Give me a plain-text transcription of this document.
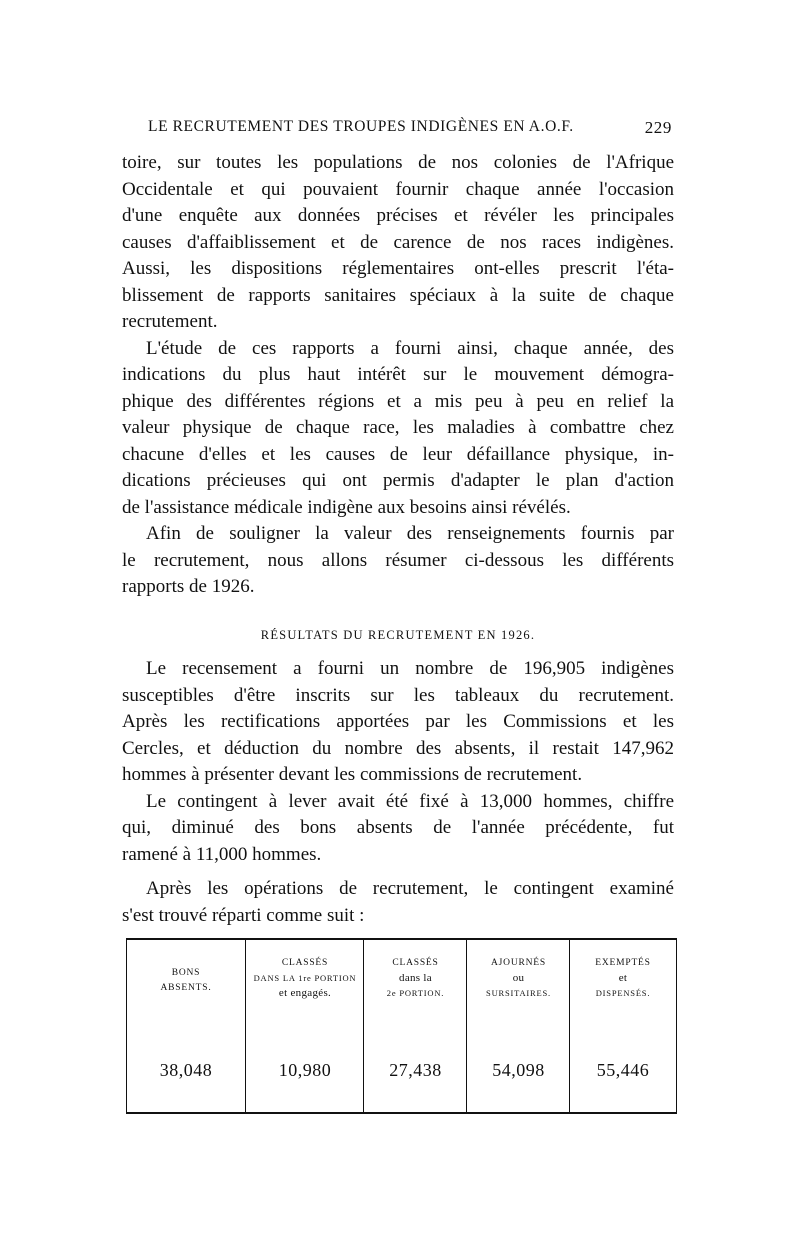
LE RECRUTEMENT DES TROUPES INDIGÈNES EN A.O.F.	229

toire, sur toutes les populations de nos colonies de l'Afrique
Occidentale et qui pouvaient fournir chaque année l'occasion
d'une enquête aux données précises et révéler les principales
causes d'affaiblissement et de carence de nos races indigènes.
Aussi, les dispositions réglementaires ont-elles prescrit l'éta-
blissement de rapports sanitaires spéciaux à la suite de chaque
recrutement.

L'étude de ces rapports a fourni ainsi, chaque année, des
indications du plus haut intérêt sur le mouvement démogra-
phique des différentes régions et a mis peu à peu en relief la
valeur physique de chaque race, les maladies à combattre chez
chacune d'elles et les causes de leur défaillance physique, in-
dications précieuses qui ont permis d'adapter le plan d'action
de l'assistance médicale indigène aux besoins ainsi révélés.

Afin de souligner la valeur des renseignements fournis par
le recrutement, nous allons résumer ci-dessous les différents
rapports de 1926.

RÉSULTATS DU RECRUTEMENT EN 1926.

Le recensement a fourni un nombre de 196,905 indigènes
susceptibles d'être inscrits sur les tableaux du recrutement.
Après les rectifications apportées par les Commissions et les
Cercles, et déduction du nombre des absents, il restait 147,962
hommes à présenter devant les commissions de recrutement.

Le contingent à lever avait été fixé à 13,000 hommes, chiffre
qui, diminué des bons absents de l'année précédente, fut
ramené à 11,000 hommes.

Après les opérations de recrutement, le contingent examiné
s'est trouvé réparti comme suit :

BONS
ABSENTS.
38,048
CLASSÉS
DANS LA 1re PORTION
et engagés.
10,980
CLASSÉS
dans la
2e PORTION.
27,438
AJOURNÉS
ou
SURSITAIRES.
54,098
EXEMPTÉS
et
DISPENSÉS.
55,446
